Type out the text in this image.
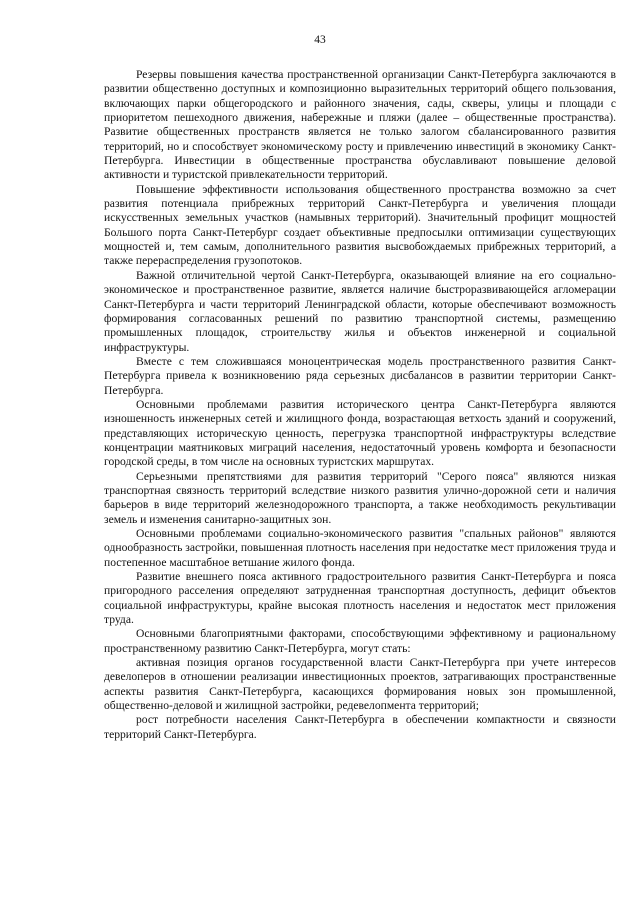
43

Резервы повышения качества пространственной организации Санкт-Петербурга заключаются в развитии общественно доступных и композиционно выразительных территорий общего пользования, включающих парки общегородского и районного значения, сады, скверы, улицы и площади с приоритетом пешеходного движения, набережные и пляжи (далее – общественные пространства). Развитие общественных пространств является не только залогом сбалансированного развития территорий, но и способствует экономическому росту и привлечению инвестиций в экономику Санкт-Петербурга. Инвестиции в общественные пространства обуславливают повышение деловой активности и туристской привлекательности территорий.

Повышение эффективности использования общественного пространства возможно за счет развития потенциала прибрежных территорий Санкт-Петербурга и увеличения площади искусственных земельных участков (намывных территорий). Значительный профицит мощностей Большого порта Санкт-Петербург создает объективные предпосылки оптимизации существующих мощностей и, тем самым, дополнительного развития высвобождаемых прибрежных территорий, а также перераспределения грузопотоков.

Важной отличительной чертой Санкт-Петербурга, оказывающей влияние на его социально-экономическое и пространственное развитие, является наличие быстроразвивающейся агломерации Санкт-Петербурга и части территорий Ленинградской области, которые обеспечивают возможность формирования согласованных решений по развитию транспортной системы, размещению промышленных площадок, строительству жилья и объектов инженерной и социальной инфраструктуры.

Вместе с тем сложившаяся моноцентрическая модель пространственного развития Санкт-Петербурга привела к возникновению ряда серьезных дисбалансов в развитии территории Санкт-Петербурга.

Основными проблемами развития исторического центра Санкт-Петербурга являются изношенность инженерных сетей и жилищного фонда, возрастающая ветхость зданий и сооружений, представляющих историческую ценность, перегрузка транспортной инфраструктуры вследствие концентрации маятниковых миграций населения, недостаточный уровень комфорта и безопасности городской среды, в том числе на основных туристских маршрутах.

Серьезными препятствиями для развития территорий "Серого пояса" являются низкая транспортная связность территорий вследствие низкого развития улично-дорожной сети и наличия барьеров в виде территорий железнодорожного транспорта, а также необходимость рекультивации земель и изменения санитарно-защитных зон.

Основными проблемами социально-экономического развития "спальных районов" являются однообразность застройки, повышенная плотность населения при недостатке мест приложения труда и постепенное масштабное ветшание жилого фонда.

Развитие внешнего пояса активного градостроительного развития Санкт-Петербурга и пояса пригородного расселения определяют затрудненная транспортная доступность, дефицит объектов социальной инфраструктуры, крайне высокая плотность населения и недостаток мест приложения труда.

Основными благоприятными факторами, способствующими эффективному и рациональному пространственному развитию Санкт-Петербурга, могут стать:

активная позиция органов государственной власти Санкт-Петербурга при учете интересов девелоперов в отношении реализации инвестиционных проектов, затрагивающих пространственные аспекты развития Санкт-Петербурга, касающихся формирования новых зон промышленной, общественно-деловой и жилищной застройки, редевелопмента территорий;

рост потребности населения Санкт-Петербурга в обеспечении компактности и связности территорий Санкт-Петербурга.
